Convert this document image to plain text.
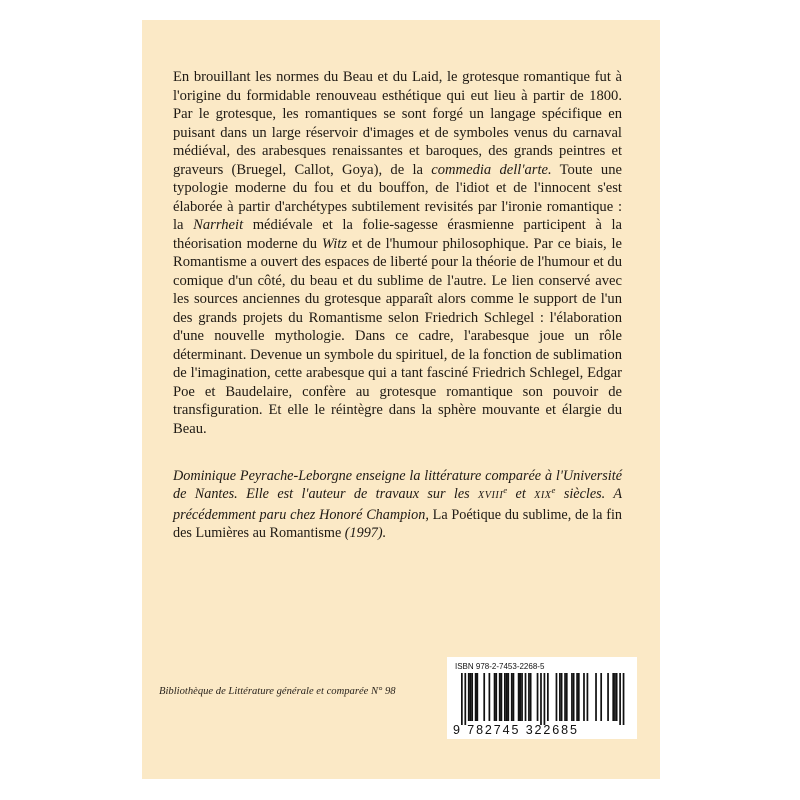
En brouillant les normes du Beau et du Laid, le grotesque romantique fut à l'origine du formidable renouveau esthétique qui eut lieu à partir de 1800. Par le grotesque, les romantiques se sont forgé un langage spécifique en puisant dans un large réservoir d'images et de symboles venus du carnaval médiéval, des arabesques renaissantes et baroques, des grands peintres et graveurs (Bruegel, Callot, Goya), de la commedia dell'arte. Toute une typologie moderne du fou et du bouffon, de l'idiot et de l'innocent s'est élaborée à partir d'archétypes subtilement revisités par l'ironie romantique : la Narrheit médiévale et la folie-sagesse érasmienne participent à la théorisation moderne du Witz et de l'humour philosophique. Par ce biais, le Romantisme a ouvert des espaces de liberté pour la théorie de l'humour et du comique d'un côté, du beau et du sublime de l'autre. Le lien conservé avec les sources anciennes du grotesque apparaît alors comme le support de l'un des grands projets du Romantisme selon Friedrich Schlegel : l'élaboration d'une nouvelle mythologie. Dans ce cadre, l'arabesque joue un rôle déterminant. Devenue un symbole du spirituel, de la fonction de sublimation de l'imagination, cette arabesque qui a tant fasciné Friedrich Schlegel, Edgar Poe et Baudelaire, confère au grotesque romantique son pouvoir de transfiguration. Et elle le réintègre dans la sphère mouvante et élargie du Beau.

Dominique Peyrache-Leborgne enseigne la littérature comparée à l'Université de Nantes. Elle est l'auteur de travaux sur les XVIIIe et XIXe siècles. A précédemment paru chez Honoré Champion, La Poétique du sublime, de la fin des Lumières au Romantisme (1997).

Bibliothèque de Littérature générale et comparée N° 98
ISBN 978-2-7453-2268-5
9 782745 322685
